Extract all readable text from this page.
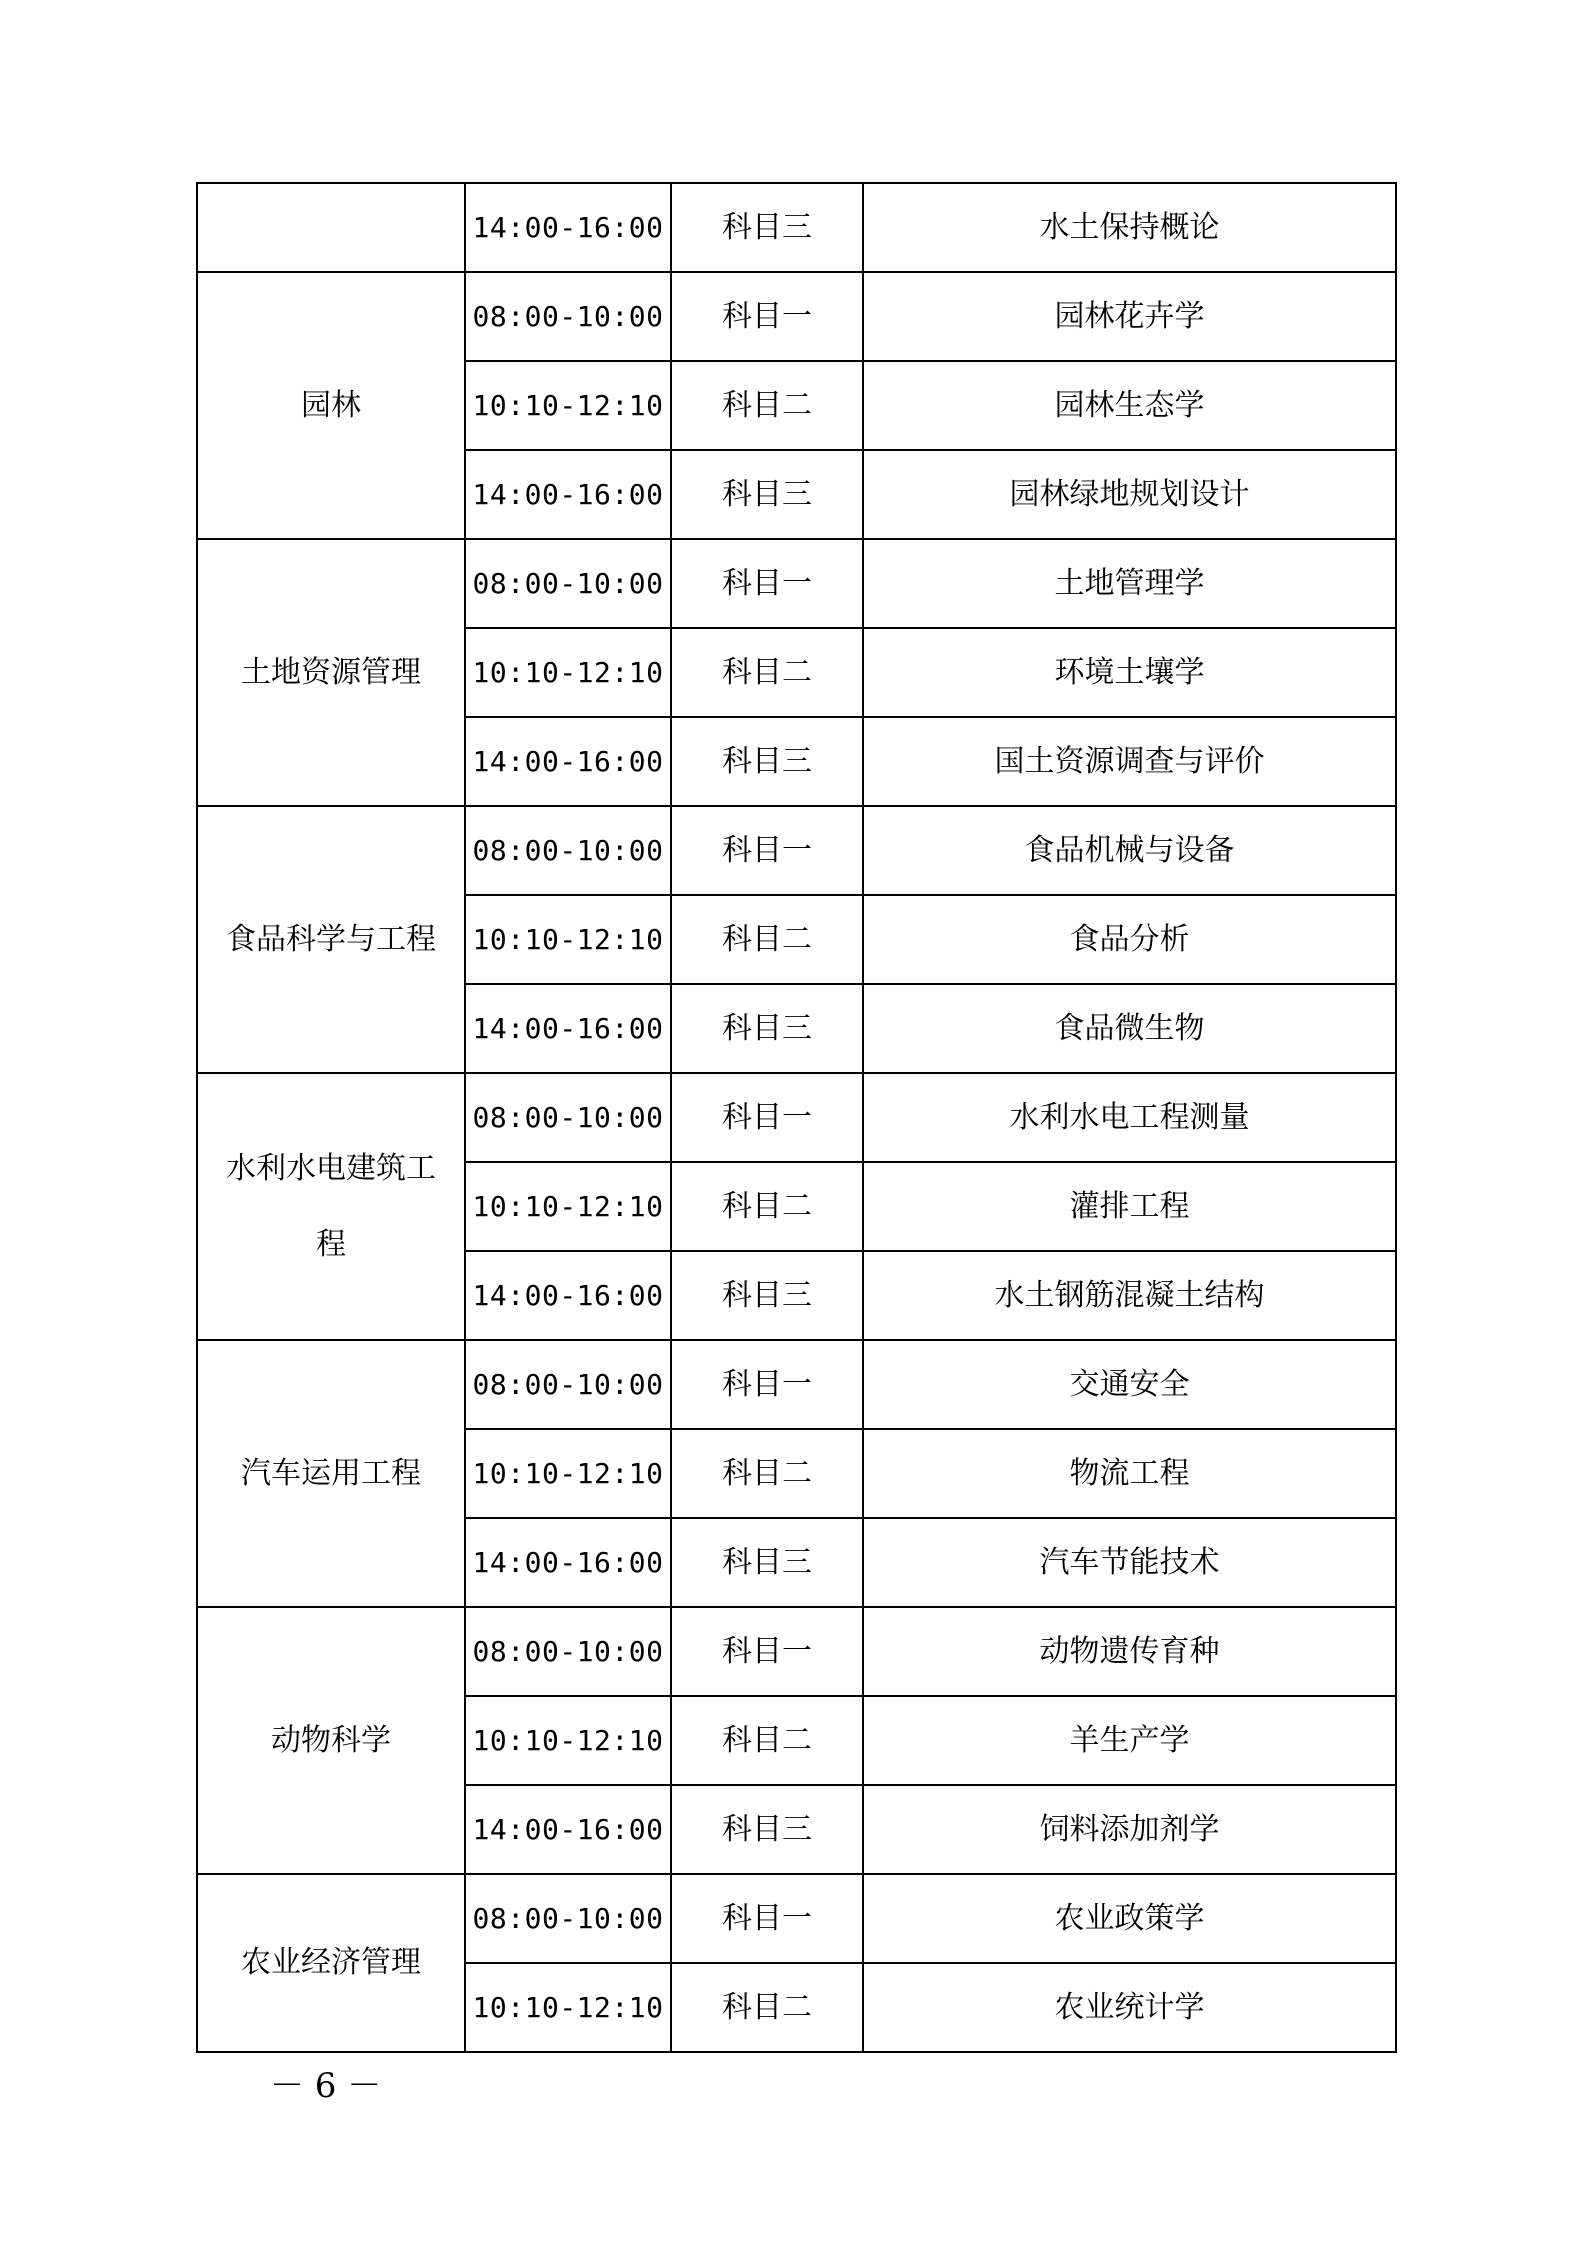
	14:00-16:00	科目三	水土保持概论
园林	08:00-10:00	科目一	园林花卉学
	10:10-12:10	科目二	园林生态学
	14:00-16:00	科目三	园林绿地规划设计
土地资源管理	08:00-10:00	科目一	土地管理学
	10:10-12:10	科目二	环境土壤学
	14:00-16:00	科目三	国土资源调查与评价
食品科学与工程	08:00-10:00	科目一	食品机械与设备
	10:10-12:10	科目二	食品分析
	14:00-16:00	科目三	食品微生物
水利水电建筑工程	08:00-10:00	科目一	水利水电工程测量
	10:10-12:10	科目二	灌排工程
	14:00-16:00	科目三	水土钢筋混凝土结构
汽车运用工程	08:00-10:00	科目一	交通安全
	10:10-12:10	科目二	物流工程
	14:00-16:00	科目三	汽车节能技术
动物科学	08:00-10:00	科目一	动物遗传育种
	10:10-12:10	科目二	羊生产学
	14:00-16:00	科目三	饲料添加剂学
农业经济管理	08:00-10:00	科目一	农业政策学
	10:10-12:10	科目二	农业统计学
－ 6 －
